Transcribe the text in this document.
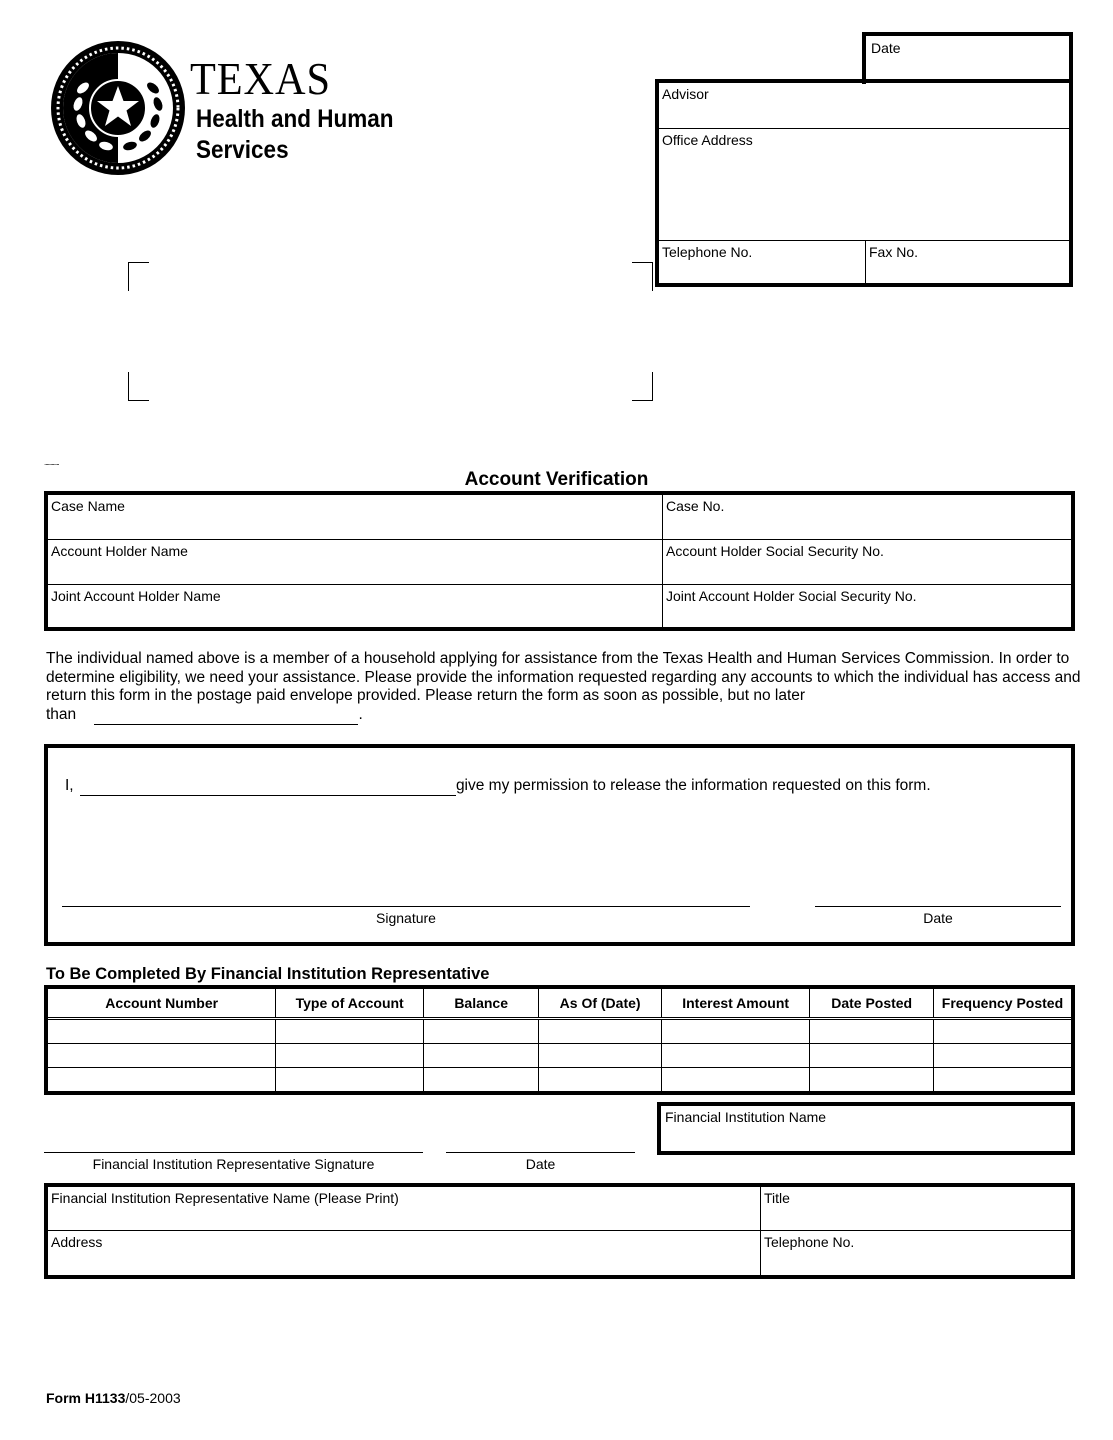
TEXAS
Health and Human
Services
Date
Advisor
Office Address
Telephone No.	Fax No.
............
Account Verification
Case Name	Case No.
Account Holder Name	Account Holder Social Security No.
Joint Account Holder Name	Joint Account Holder Social Security No.
The individual named above is a member of a household applying for assistance from the Texas Health and Human Services Commission. In order to determine eligibility, we need your assistance. Please provide the information requested regarding any accounts to which the individual has access and return this form in the postage paid envelope provided. Please return the form as soon as possible, but no later
than	.
I,	give my permission to release the information requested on this form.
Signature	Date
To Be Completed By Financial Institution Representative
Account Number	Type of Account	Balance	As Of (Date)	Interest Amount	Date Posted	Frequency Posted

Financial Institution Representative Signature	Date
Financial Institution Name
Financial Institution Representative Name (Please Print)	Title
Address	Telephone No.
Form H1133/05-2003
